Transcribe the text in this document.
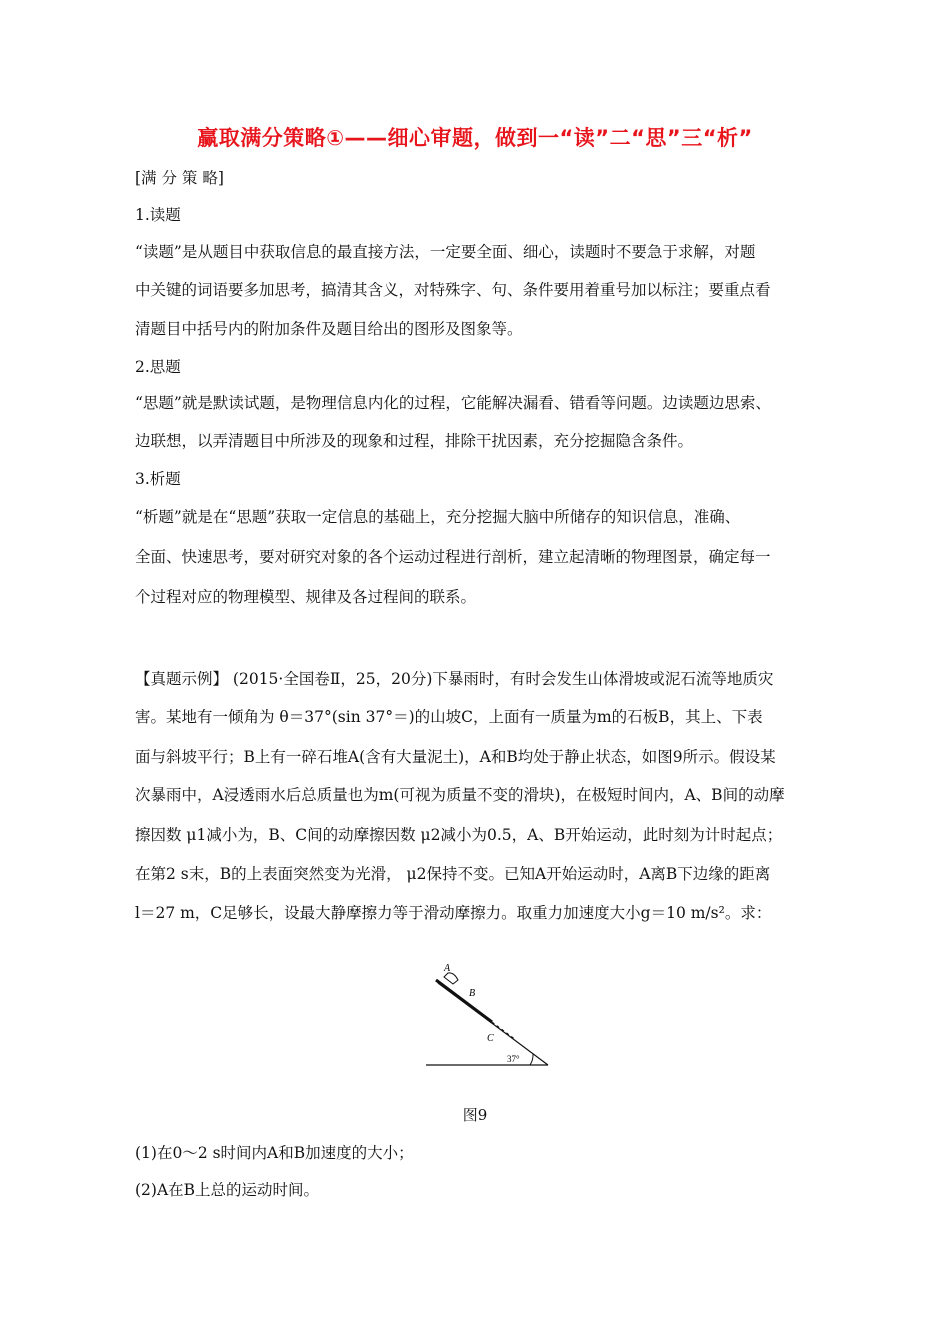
赢取满分策略①——细心审题，做到一“读”二“思”三“析”
[满 分 策 略]
1.读题
“读题”是从题目中获取信息的最直接方法，一定要全面、细心，读题时不要急于求解，对题
中关键的词语要多加思考，搞清其含义，对特殊字、句、条件要用着重号加以标注；要重点看
清题目中括号内的附加条件及题目给出的图形及图象等。
2.思题
“思题”就是默读试题，是物理信息内化的过程，它能解决漏看、错看等问题。边读题边思索、
边联想，以弄清题目中所涉及的现象和过程，排除干扰因素，充分挖掘隐含条件。
3.析题
“析题”就是在“思题”获取一定信息的基础上，充分挖掘大脑中所储存的知识信息，准确、
全面、快速思考，要对研究对象的各个运动过程进行剖析，建立起清晰的物理图景，确定每一
个过程对应的物理模型、规律及各过程间的联系。
【真题示例】 (2015·全国卷Ⅱ，25，20分)下暴雨时，有时会发生山体滑坡或泥石流等地质灾
害。某地有一倾角为 θ＝37°(sin 37°＝)的山坡C，上面有一质量为m的石板B，其上、下表
面与斜坡平行；B上有一碎石堆A(含有大量泥土)，A和B均处于静止状态，如图9所示。假设某
次暴雨中，A浸透雨水后总质量也为m(可视为质量不变的滑块)，在极短时间内，A、B间的动摩
擦因数 μ1减小为，B、C间的动摩擦因数 μ2减小为0.5，A、B开始运动，此时刻为计时起点；
在第2 s末，B的上表面突然变为光滑， μ2保持不变。已知A开始运动时，A离B下边缘的距离
l＝27 m，C足够长，设最大静摩擦力等于滑动摩擦力。取重力加速度大小g＝10 m/s²。求：
A
B
C
37°
图9
(1)在0～2 s时间内A和B加速度的大小；
(2)A在B上总的运动时间。
